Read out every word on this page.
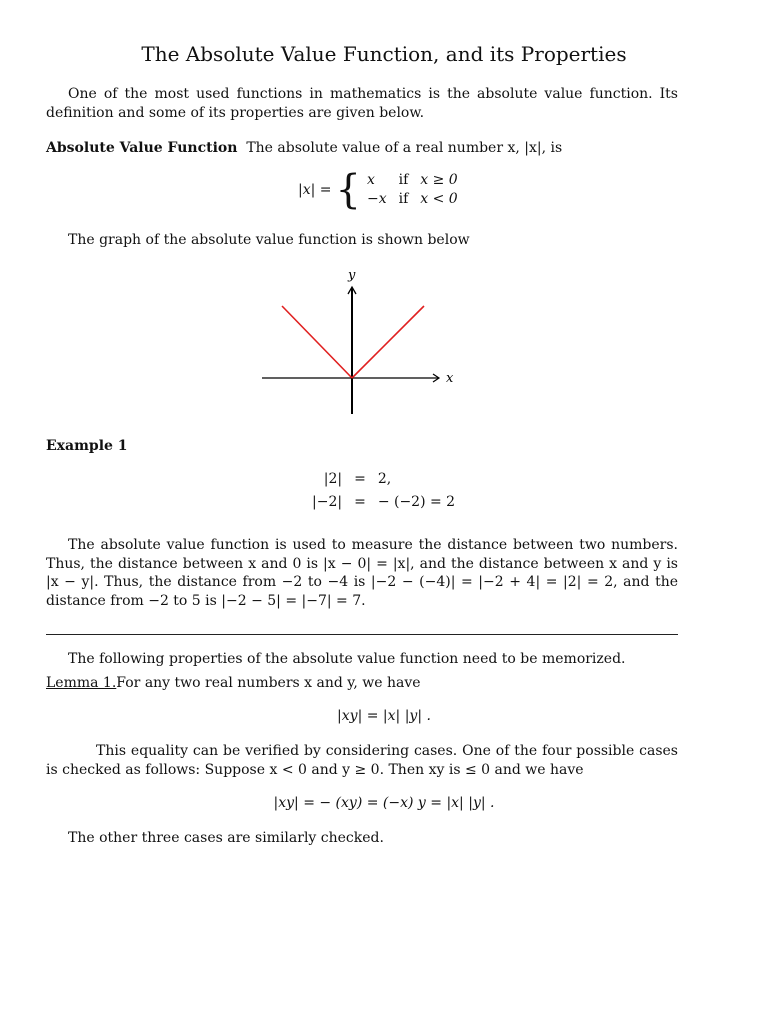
The Absolute Value Function, and its Properties
One of the most used functions in mathematics is the absolute value function. Its definition and some of its properties are given below.
Absolute Value Function The absolute value of a real number x, |x|, is
|x| = { x	if	x ≥ 0
−x	if	x < 0
The graph of the absolute value function is shown below
y
x
Example 1
|2|	=	2,
|−2|	=	− (−2) = 2
The absolute value function is used to measure the distance between two numbers. Thus, the distance between x and 0 is |x − 0| = |x|, and the distance between x and y is |x − y|. Thus, the distance from −2 to −4 is |−2 − (−4)| = |−2 + 4| = |2| = 2, and the distance from −2 to 5 is |−2 − 5| = |−7| = 7.
The following properties of the absolute value function need to be memorized.
Lemma 1.For any two real numbers x and y, we have
|xy| = |x| |y| .
This equality can be verified by considering cases. One of the four possible cases is checked as follows: Suppose x < 0 and y ≥ 0. Then xy is ≤ 0 and we have
|xy| = − (xy) = (−x) y = |x| |y| .
The other three cases are similarly checked.
